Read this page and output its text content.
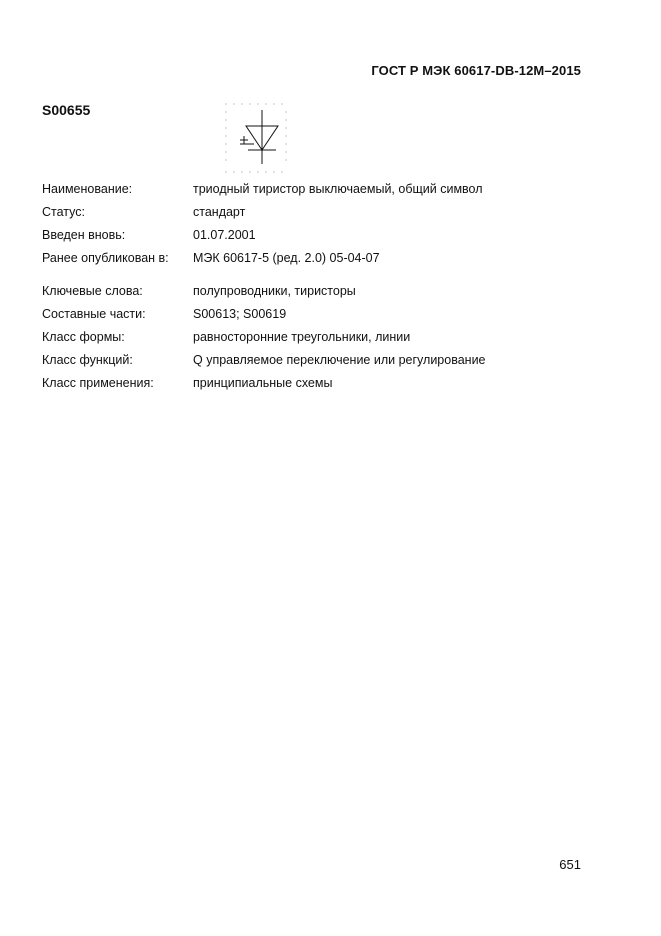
ГОСТ Р МЭК 60617-DB-12M–2015
S00655
Наименование:	триодный тиристор выключаемый, общий символ
Статус:	стандарт
Введен вновь:	01.07.2001
Ранее опубликован в:	МЭК 60617-5 (ред. 2.0) 05-04-07
Ключевые слова:	полупроводники, тиристоры
Составные части:	S00613; S00619
Класс формы:	равносторонние треугольники, линии
Класс функций:	Q управляемое переключение или регулирование
Класс применения:	принципиальные схемы
651
